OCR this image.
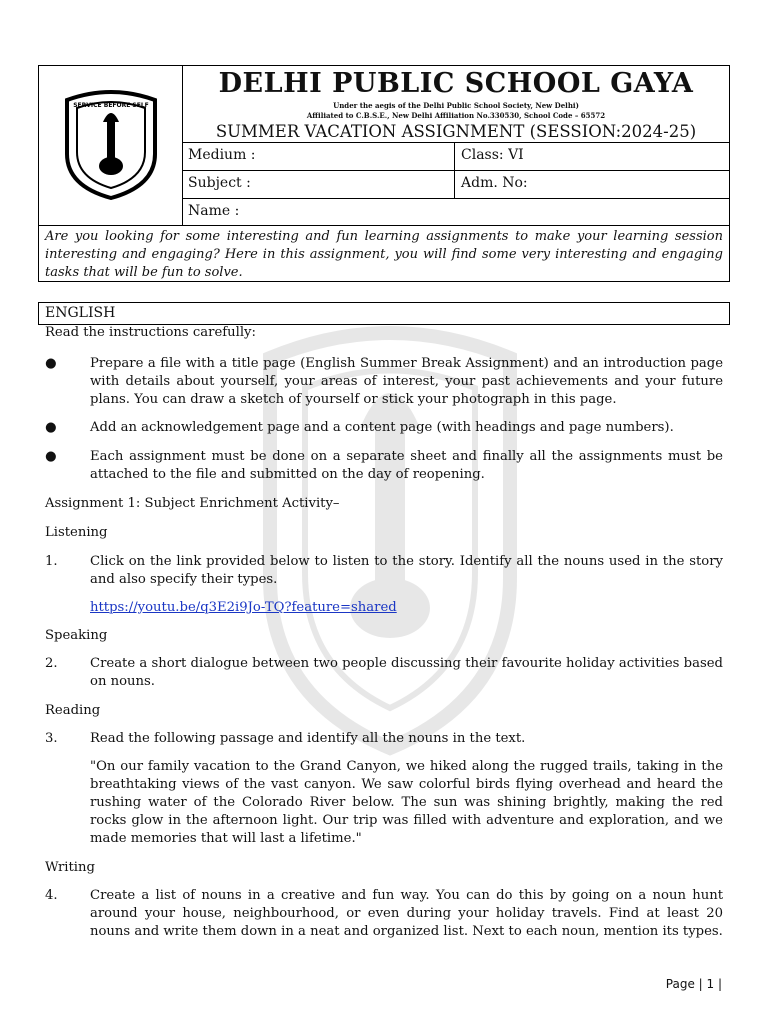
SERVICE BEFORE SELF
DELHI PUBLIC SCHOOL GAYA
Under the aegis of the Delhi Public School Society, New Delhi)
Affiliated to C.B.S.E., New Delhi Affiliation No.330530, School Code – 65572
SUMMER VACATION ASSIGNMENT (SESSION:2024-25)
Medium :	Class: VI
Subject :	Adm. No:
Name :
Are you looking for some interesting and fun learning assignments to make your learning session interesting and engaging? Here in this assignment, you will find some very interesting and engaging tasks that will be fun to solve.
ENGLISH

Read the instructions carefully:

●	Prepare a file with a title page (English Summer Break Assignment) and an introduction page with details about yourself, your areas of interest, your past achievements and your future plans. You can draw a sketch of yourself or stick your photograph in this page.
●	Add an acknowledgement page and a content page (with headings and page numbers).
●	Each assignment must be done on a separate sheet and finally all the assignments must be attached to the file and submitted on the day of reopening.

Assignment 1: Subject Enrichment Activity–

Listening

1. Click on the link provided below to listen to the story. Identify all the nouns used in the story and also specify their types.
https://youtu.be/q3E2i9Jo-TQ?feature=shared

Speaking

2. Create a short dialogue between two people discussing their favourite holiday activities based on nouns.

Reading

3. Read the following passage and identify all the nouns in the text.
"On our family vacation to the Grand Canyon, we hiked along the rugged trails, taking in the breathtaking views of the vast canyon. We saw colorful birds flying overhead and heard the rushing water of the Colorado River below. The sun was shining brightly, making the red rocks glow in the afternoon light. Our trip was filled with adventure and exploration, and we made memories that will last a lifetime."

Writing

4. Create a list of nouns in a creative and fun way. You can do this by going on a noun hunt around your house, neighbourhood, or even during your holiday travels. Find at least 20 nouns and write them down in a neat and organized list. Next to each noun, mention its types.
Page | 1 |
